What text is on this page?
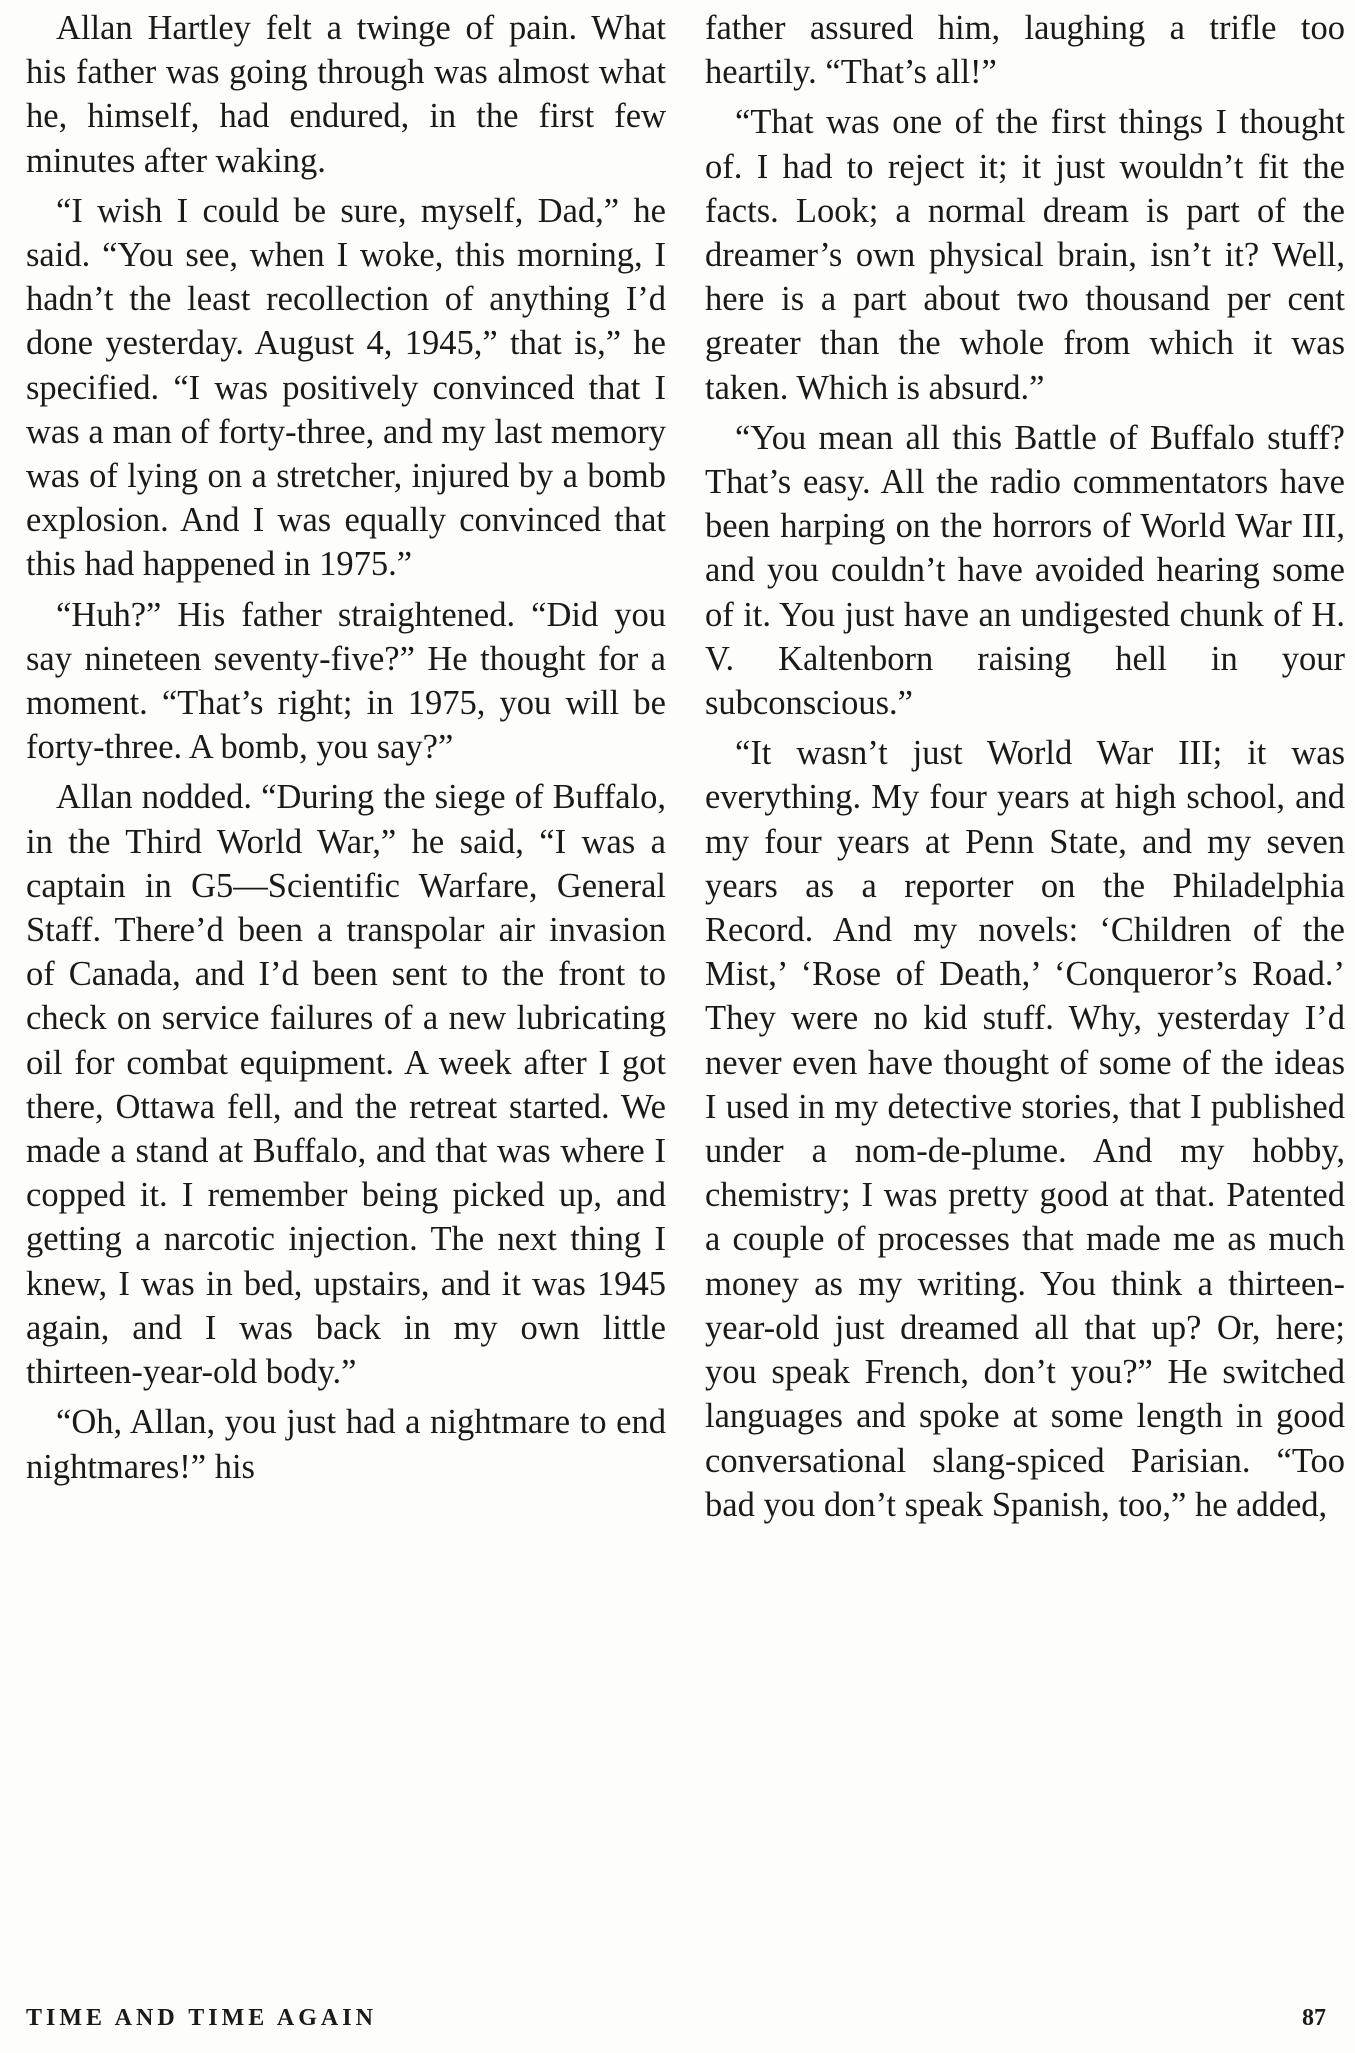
Allan Hartley felt a twinge of pain. What his father was going through was almost what he, himself, had endured, in the first few minutes after waking.

“I wish I could be sure, myself, Dad,” he said. “You see, when I woke, this morning, I hadn’t the least recollection of anything I’d done yesterday. August 4, 1945,” that is,” he specified. “I was positively convinced that I was a man of forty-three, and my last memory was of lying on a stretcher, injured by a bomb explosion. And I was equally convinced that this had happened in 1975.”

“Huh?” His father straightened. “Did you say nineteen seventy-five?” He thought for a moment. “That’s right; in 1975, you will be forty-three. A bomb, you say?”

Allan nodded. “During the siege of Buffalo, in the Third World War,” he said, “I was a captain in G5—Scientific Warfare, General Staff. There’d been a transpolar air invasion of Canada, and I’d been sent to the front to check on service failures of a new lubricating oil for combat equipment. A week after I got there, Ottawa fell, and the retreat started. We made a stand at Buffalo, and that was where I copped it. I remember being picked up, and getting a narcotic injection. The next thing I knew, I was in bed, upstairs, and it was 1945 again, and I was back in my own little thirteen-year-old body.”

“Oh, Allan, you just had a nightmare to end nightmares!” his

father assured him, laughing a trifle too heartily. “That’s all!”

“That was one of the first things I thought of. I had to reject it; it just wouldn’t fit the facts. Look; a normal dream is part of the dreamer’s own physical brain, isn’t it? Well, here is a part about two thousand per cent greater than the whole from which it was taken. Which is absurd.”

“You mean all this Battle of Buffalo stuff? That’s easy. All the radio commentators have been harping on the horrors of World War III, and you couldn’t have avoided hearing some of it. You just have an undigested chunk of H. V. Kaltenborn raising hell in your subconscious.”

“It wasn’t just World War III; it was everything. My four years at high school, and my four years at Penn State, and my seven years as a reporter on the Philadelphia Record. And my novels: ‘Children of the Mist,’ ‘Rose of Death,’ ‘Conqueror’s Road.’ They were no kid stuff. Why, yesterday I’d never even have thought of some of the ideas I used in my detective stories, that I published under a nom-de-plume. And my hobby, chemistry; I was pretty good at that. Patented a couple of processes that made me as much money as my writing. You think a thirteen-year-old just dreamed all that up? Or, here; you speak French, don’t you?” He switched languages and spoke at some length in good conversational slang-spiced Parisian. “Too bad you don’t speak Spanish, too,” he added,

TIME AND TIME AGAIN	87
